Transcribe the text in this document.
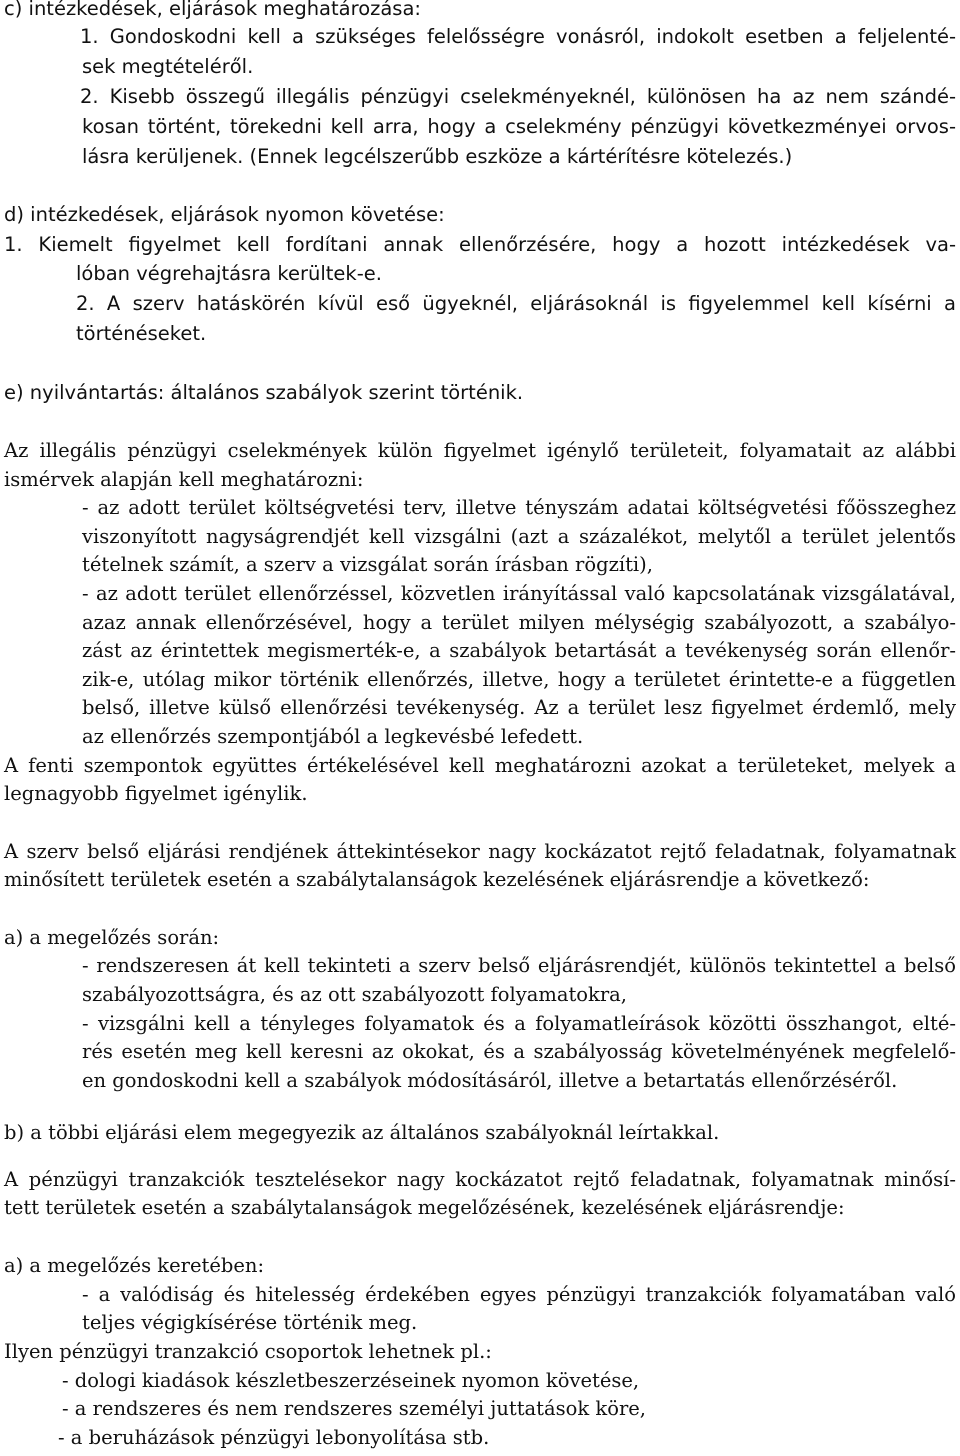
c) intézkedések, eljárások meghatározása:
1. Gondoskodni kell a szükséges felelősségre vonásról, indokolt esetben a feljelenté-
sek megtételéről.
2. Kisebb összegű illegális pénzügyi cselekményeknél, különösen ha az nem szándé-
kosan történt, törekedni kell arra, hogy a cselekmény pénzügyi következményei orvos-
lásra kerüljenek. (Ennek legcélszerűbb eszköze a kártérítésre kötelezés.)
d) intézkedések, eljárások nyomon követése:
1. Kiemelt figyelmet kell fordítani annak ellenőrzésére, hogy a hozott intézkedések va-
lóban végrehajtásra kerültek-e.
2. A szerv hatáskörén kívül eső ügyeknél, eljárásoknál is figyelemmel kell kísérni a
történéseket.
e) nyilvántartás: általános szabályok szerint történik.
Az illegális pénzügyi cselekmények külön figyelmet igénylő területeit, folyamatait az alábbi
ismérvek alapján kell meghatározni:
- az adott terület költségvetési terv, illetve tényszám adatai költségvetési főösszeghez
viszonyított nagyságrendjét kell vizsgálni (azt a százalékot, melytől a terület jelentős
tételnek számít, a szerv a vizsgálat során írásban rögzíti),
- az adott terület ellenőrzéssel, közvetlen irányítással való kapcsolatának vizsgálatával,
azaz annak ellenőrzésével, hogy a terület milyen mélységig szabályozott, a szabályo-
zást az érintettek megismerték-e, a szabályok betartását a tevékenység során ellenőr-
zik-e, utólag mikor történik ellenőrzés, illetve, hogy a területet érintette-e a független
belső, illetve külső ellenőrzési tevékenység. Az a terület lesz figyelmet érdemlő, mely
az ellenőrzés szempontjából a legkevésbé lefedett.
A fenti szempontok együttes értékelésével kell meghatározni azokat a területeket, melyek a
legnagyobb figyelmet igénylik.
A szerv belső eljárási rendjének áttekintésekor nagy kockázatot rejtő feladatnak, folyamatnak
minősített területek esetén a szabálytalanságok kezelésének eljárásrendje a következő:
a) a megelőzés során:
- rendszeresen át kell tekinteti a szerv belső eljárásrendjét, különös tekintettel a belső
szabályozottságra, és az ott szabályozott folyamatokra,
- vizsgálni kell a tényleges folyamatok és a folyamatleírások közötti összhangot, elté-
rés esetén meg kell keresni az okokat, és a szabályosság követelményének megfelelő-
en gondoskodni kell a szabályok módosításáról, illetve a betartatás ellenőrzéséről.
b) a többi eljárási elem megegyezik az általános szabályoknál leírtakkal.
A pénzügyi tranzakciók tesztelésekor nagy kockázatot rejtő feladatnak, folyamatnak minősí-
tett területek esetén a szabálytalanságok megelőzésének, kezelésének eljárásrendje:
a) a megelőzés keretében:
- a valódiság és hitelesség érdekében egyes pénzügyi tranzakciók folyamatában való
teljes végigkísérése történik meg.
Ilyen pénzügyi tranzakció csoportok lehetnek pl.:
- dologi kiadások készletbeszerzéseinek nyomon követése,
- a rendszeres és nem rendszeres személyi juttatások köre,
- a beruházások pénzügyi lebonyolítása stb.
